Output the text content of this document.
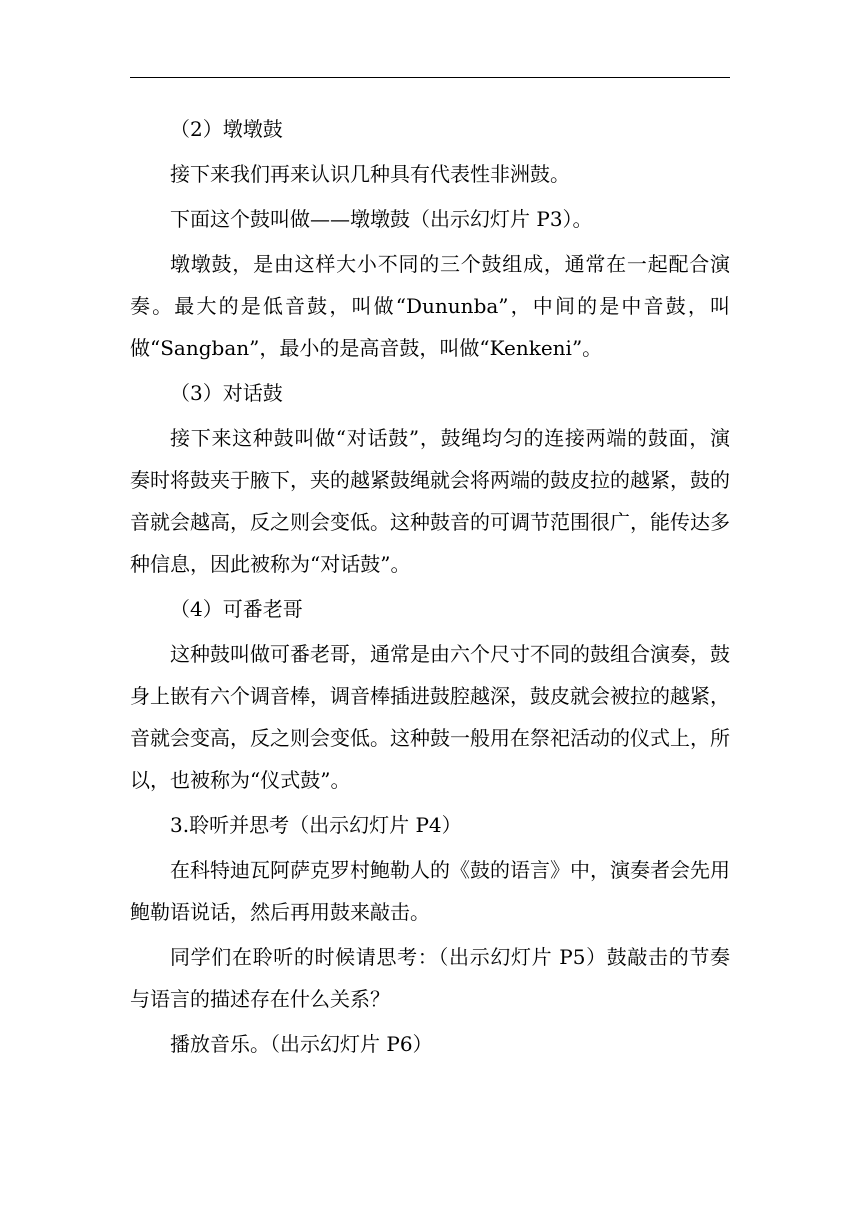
（2）墩墩鼓

接下来我们再来认识几种具有代表性非洲鼓。

下面这个鼓叫做——墩墩鼓（出示幻灯片 P3）。

墩墩鼓，是由这样大小不同的三个鼓组成，通常在一起配合演奏。最大的是低音鼓，叫做“Dununba”，中间的是中音鼓，叫做“Sangban”，最小的是高音鼓，叫做“Kenkeni”。

（3）对话鼓

接下来这种鼓叫做“对话鼓”，鼓绳均匀的连接两端的鼓面，演奏时将鼓夹于腋下，夹的越紧鼓绳就会将两端的鼓皮拉的越紧，鼓的音就会越高，反之则会变低。这种鼓音的可调节范围很广，能传达多种信息，因此被称为“对话鼓”。

（4）可番老哥

这种鼓叫做可番老哥，通常是由六个尺寸不同的鼓组合演奏，鼓身上嵌有六个调音棒，调音棒插进鼓腔越深，鼓皮就会被拉的越紧，音就会变高，反之则会变低。这种鼓一般用在祭祀活动的仪式上，所以，也被称为“仪式鼓”。

3.聆听并思考（出示幻灯片 P4）

在科特迪瓦阿萨克罗村鲍勒人的《鼓的语言》中，演奏者会先用鲍勒语说话，然后再用鼓来敲击。

同学们在聆听的时候请思考：（出示幻灯片 P5）鼓敲击的节奏与语言的描述存在什么关系？

播放音乐。（出示幻灯片 P6）
